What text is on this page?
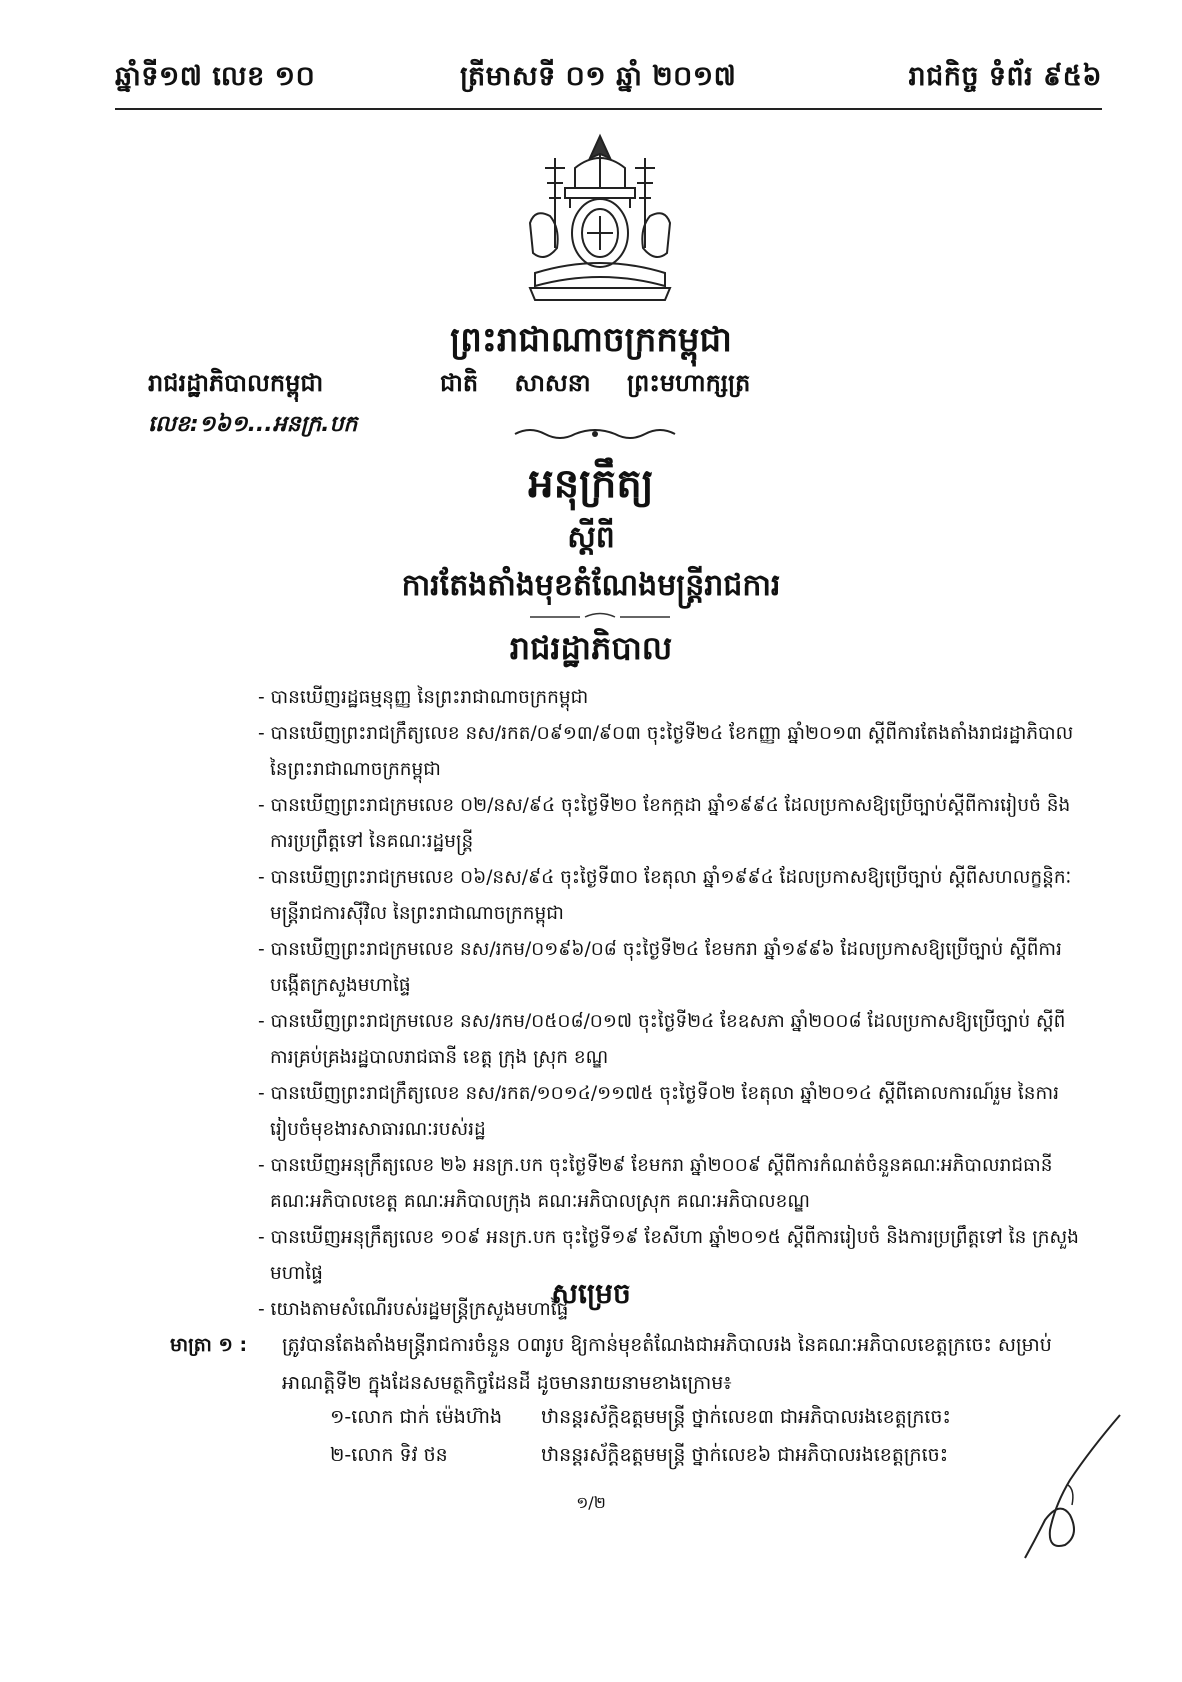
ឆ្នាំទី១៧ លេខ ១០	ត្រីមាសទី ០១ ឆ្នាំ ២០១៧	រាជកិច្ច ទំព័រ ៩៥៦
ព្រះរាជាណាចក្រកម្ពុជា
រាជរដ្ឋាភិបាលកម្ពុជា	ជាតិ សាសនា ព្រះមហាក្សត្រ
លេខ:១៦១...អនក្រ.បក
អនុក្រឹត្យ
ស្តីពី
ការតែងតាំងមុខតំណែងមន្ត្រីរាជការ
រាជរដ្ឋាភិបាល
- បានឃើញរដ្ឋធម្មនុញ្ញ នៃព្រះរាជាណាចក្រកម្ពុជា
- បានឃើញព្រះរាជក្រឹត្យលេខ នស/រកត/០៩១៣/៩០៣ ចុះថ្ងៃទី២៤ ខែកញ្ញា ឆ្នាំ២០១៣ ស្តីពីការតែងតាំងរាជរដ្ឋាភិបាល នៃព្រះរាជាណាចក្រកម្ពុជា
- បានឃើញព្រះរាជក្រមលេខ ០២/នស/៩៤ ចុះថ្ងៃទី២០ ខែកក្កដា ឆ្នាំ១៩៩៤ ដែលប្រកាសឱ្យប្រើច្បាប់ស្តីពីការរៀបចំ និងការប្រព្រឹត្តទៅ នៃគណៈរដ្ឋមន្ត្រី
- បានឃើញព្រះរាជក្រមលេខ ០៦/នស/៩៤ ចុះថ្ងៃទី៣០ ខែតុលា ឆ្នាំ១៩៩៤ ដែលប្រកាសឱ្យប្រើច្បាប់ ស្តីពីសហលក្ខន្តិកៈ មន្ត្រីរាជការស៊ីវិល នៃព្រះរាជាណាចក្រកម្ពុជា
- បានឃើញព្រះរាជក្រមលេខ នស/រកម/០១៩៦/០៨ ចុះថ្ងៃទី២៤ ខែមករា ឆ្នាំ១៩៩៦ ដែលប្រកាសឱ្យប្រើច្បាប់ ស្តីពីការបង្កើតក្រសួងមហាផ្ទៃ
- បានឃើញព្រះរាជក្រមលេខ នស/រកម/០៥០៨/០១៧ ចុះថ្ងៃទី២៤ ខែឧសភា ឆ្នាំ២០០៨ ដែលប្រកាសឱ្យប្រើច្បាប់ ស្តីពីការគ្រប់គ្រងរដ្ឋបាលរាជធានី ខេត្ត ក្រុង ស្រុក ខណ្ឌ
- បានឃើញព្រះរាជក្រឹត្យលេខ នស/រកត/១០១៤/១១៧៥ ចុះថ្ងៃទី០២ ខែតុលា ឆ្នាំ២០១៤ ស្តីពីគោលការណ៍រួម នៃការ រៀបចំមុខងារសាធារណៈរបស់រដ្ឋ
- បានឃើញអនុក្រឹត្យលេខ ២៦ អនក្រ.បក ចុះថ្ងៃទី២៩ ខែមករា ឆ្នាំ២០០៩ ស្តីពីការកំណត់ចំនួនគណៈអភិបាលរាជធានី គណៈអភិបាលខេត្ត គណៈអភិបាលក្រុង គណៈអភិបាលស្រុក គណៈអភិបាលខណ្ឌ
- បានឃើញអនុក្រឹត្យលេខ ១០៩ អនក្រ.បក ចុះថ្ងៃទី១៩ ខែសីហា ឆ្នាំ២០១៥ ស្តីពីការរៀបចំ និងការប្រព្រឹត្តទៅ នៃ ក្រសួងមហាផ្ទៃ
- យោងតាមសំណើរបស់រដ្ឋមន្ត្រីក្រសួងមហាផ្ទៃ
សម្រេច
មាត្រា ១ : ត្រូវបានតែងតាំងមន្ត្រីរាជការចំនួន ០៣រូប ឱ្យកាន់មុខតំណែងជាអភិបាលរង នៃគណៈអភិបាលខេត្តក្រចេះ សម្រាប់អាណត្តិទី២ ក្នុងដែនសមត្ថកិច្ចដែនដី ដូចមានរាយនាមខាងក្រោម៖
១-លោក ជាក់ ម៉េងហ៊ាង ឋានន្តរស័ក្តិឧត្តមមន្ត្រី ថ្នាក់លេខ៣ ជាអភិបាលរងខេត្តក្រចេះ
២-លោក ទិវ ថន	ឋានន្តរស័ក្តិឧត្តមមន្ត្រី ថ្នាក់លេខ៦ ជាអភិបាលរងខេត្តក្រចេះ
១/២
